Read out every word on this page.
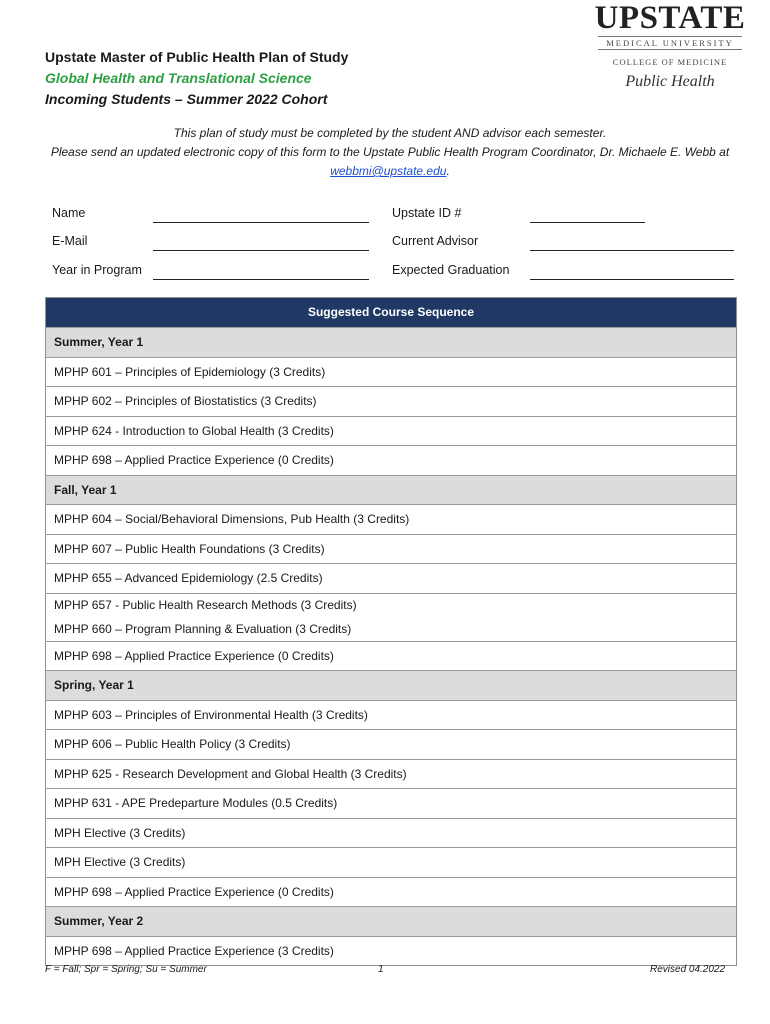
Upstate Master of Public Health Plan of Study
Global Health and Translational Science
Incoming Students – Summer 2022 Cohort
UPSTATE
MEDICAL UNIVERSITY
COLLEGE OF MEDICINE
Public Health
This plan of study must be completed by the student AND advisor each semester.
Please send an updated electronic copy of this form to the Upstate Public Health Program Coordinator, Dr. Michaele E. Webb at webbmi@upstate.edu.
Name	Upstate ID #
E-Mail	Current Advisor
Year in Program	Expected Graduation
Suggested Course Sequence
Summer, Year 1
MPHP 601 – Principles of Epidemiology (3 Credits)
MPHP 602 – Principles of Biostatistics (3 Credits)
MPHP 624 - Introduction to Global Health (3 Credits)
MPHP 698 – Applied Practice Experience (0 Credits)
Fall, Year 1
MPHP 604 – Social/Behavioral Dimensions, Pub Health (3 Credits)
MPHP 607 – Public Health Foundations (3 Credits)
MPHP 655 – Advanced Epidemiology (2.5 Credits)
MPHP 657 - Public Health Research Methods (3 Credits)
MPHP 660 – Program Planning & Evaluation (3 Credits)
MPHP 698 – Applied Practice Experience (0 Credits)
Spring, Year 1
MPHP 603 – Principles of Environmental Health (3 Credits)
MPHP 606 – Public Health Policy (3 Credits)
MPHP 625 - Research Development and Global Health (3 Credits)
MPHP 631 - APE Predeparture Modules (0.5 Credits)
MPH Elective (3 Credits)
MPH Elective (3 Credits)
MPHP 698 – Applied Practice Experience (0 Credits)
Summer, Year 2
MPHP 698 – Applied Practice Experience (3 Credits)
F = Fall; Spr = Spring; Su = Summer	1	Revised 04.2022
